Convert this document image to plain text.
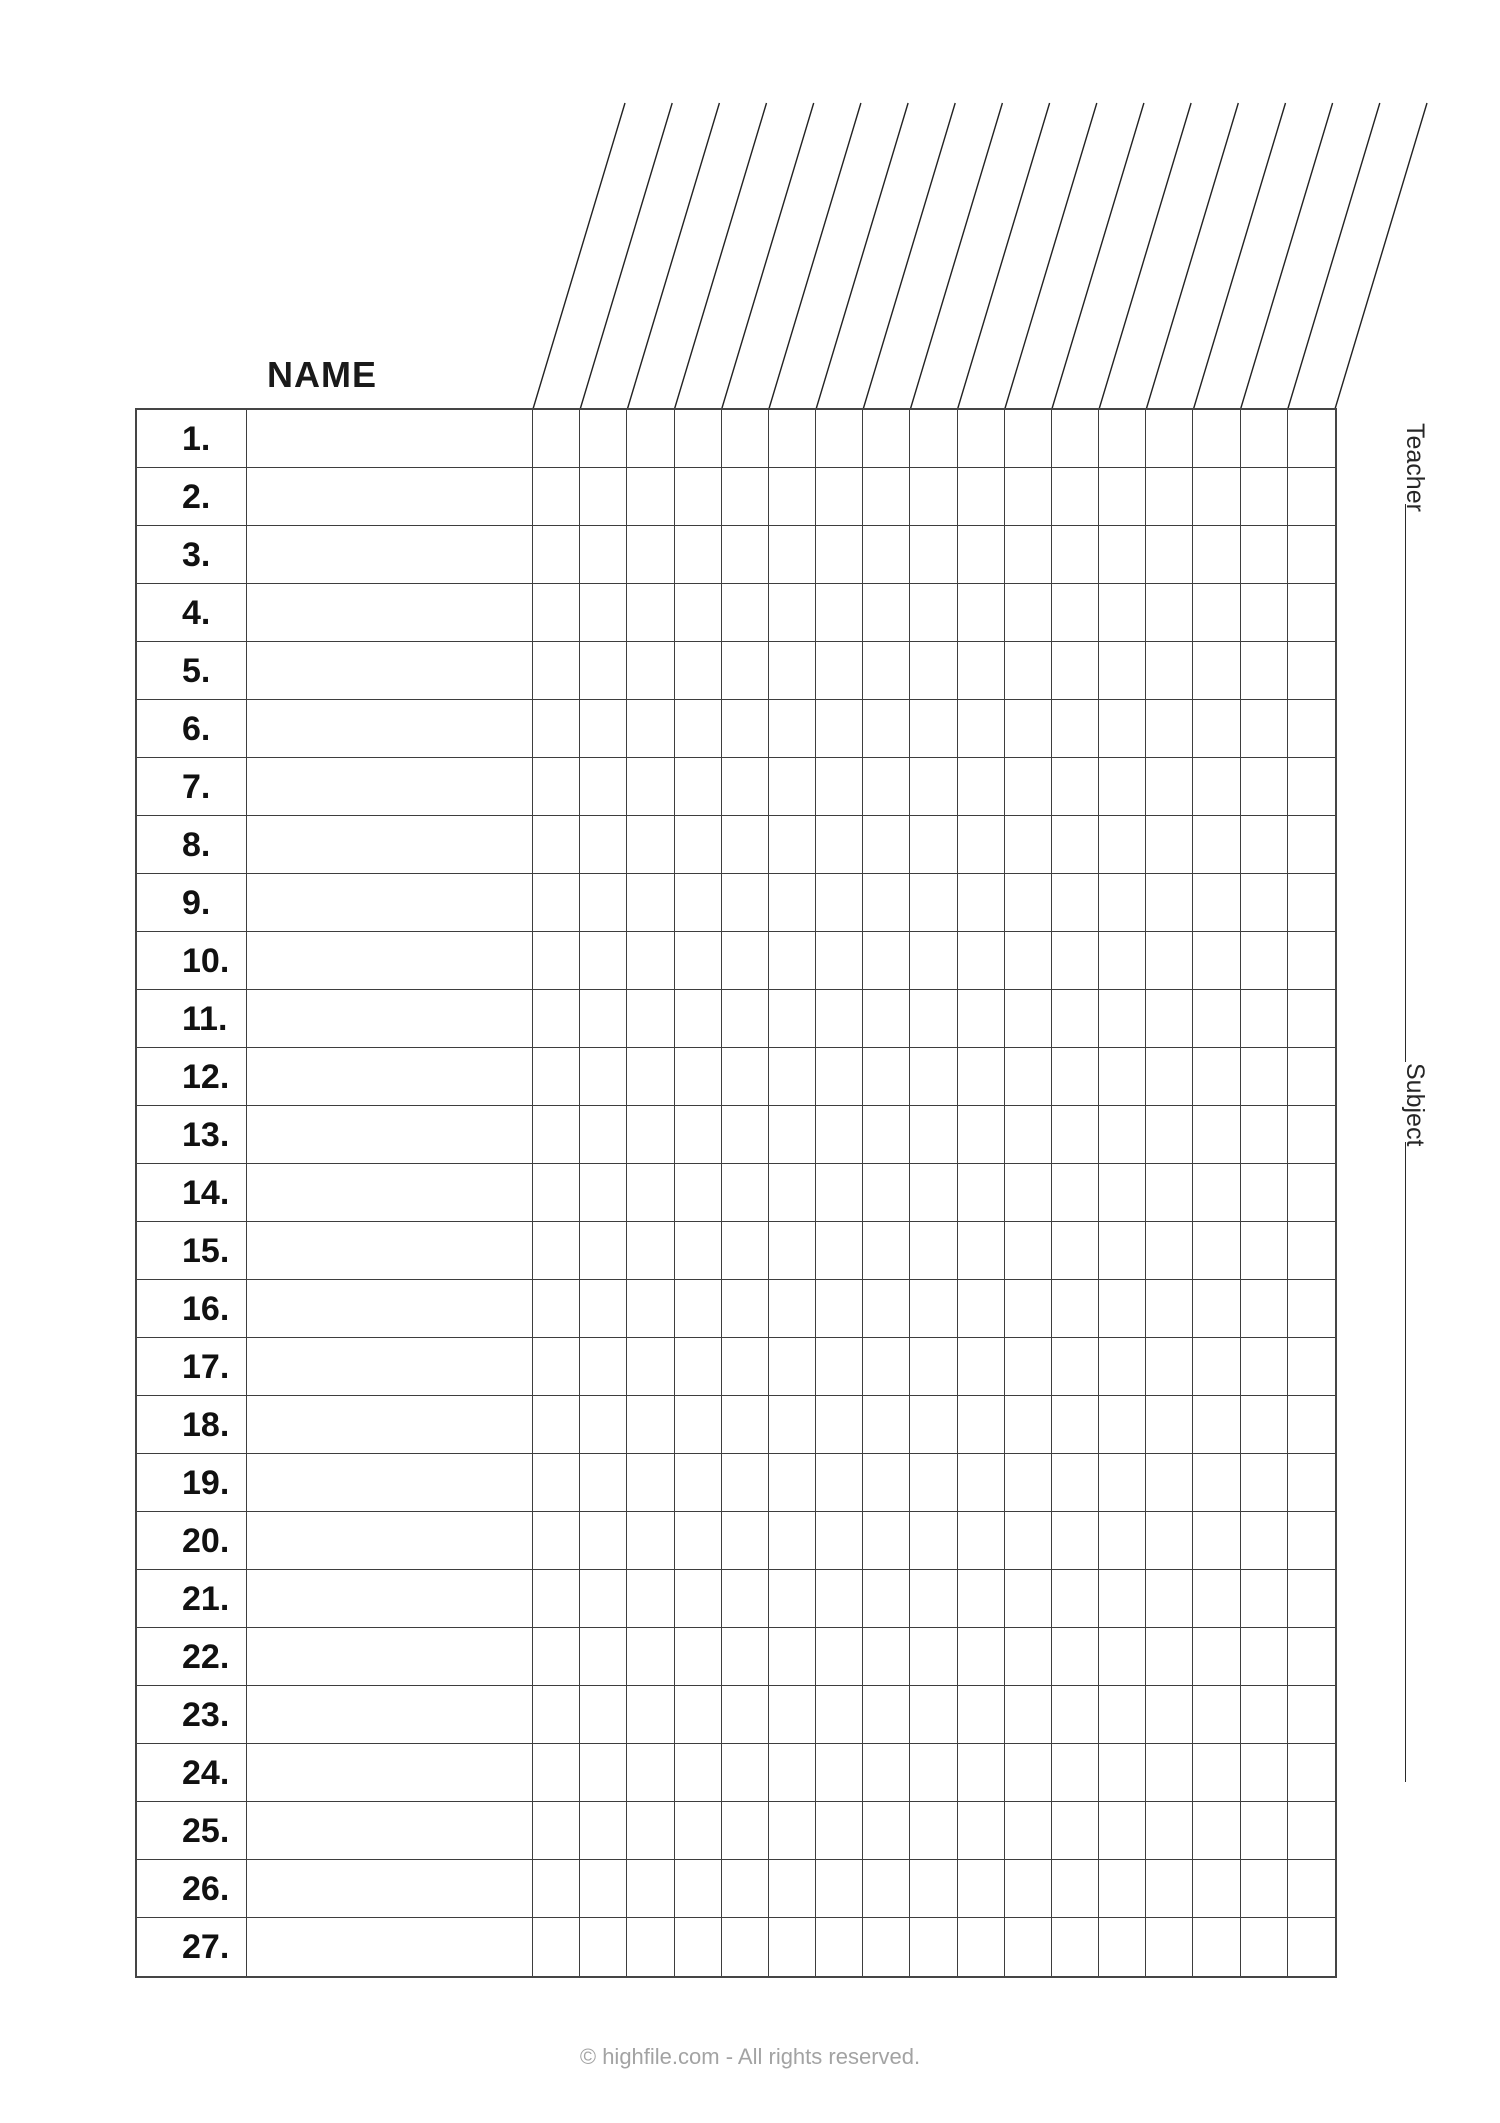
NAME
1.
2.
3.
4.
5.
6.
7.
8.
9.
10.
11.
12.
13.
14.
15.
16.
17.
18.
19.
20.
21.
22.
23.
24.
25.
26.
27.
Teacher
Subject
© highfile.com - All rights reserved.
